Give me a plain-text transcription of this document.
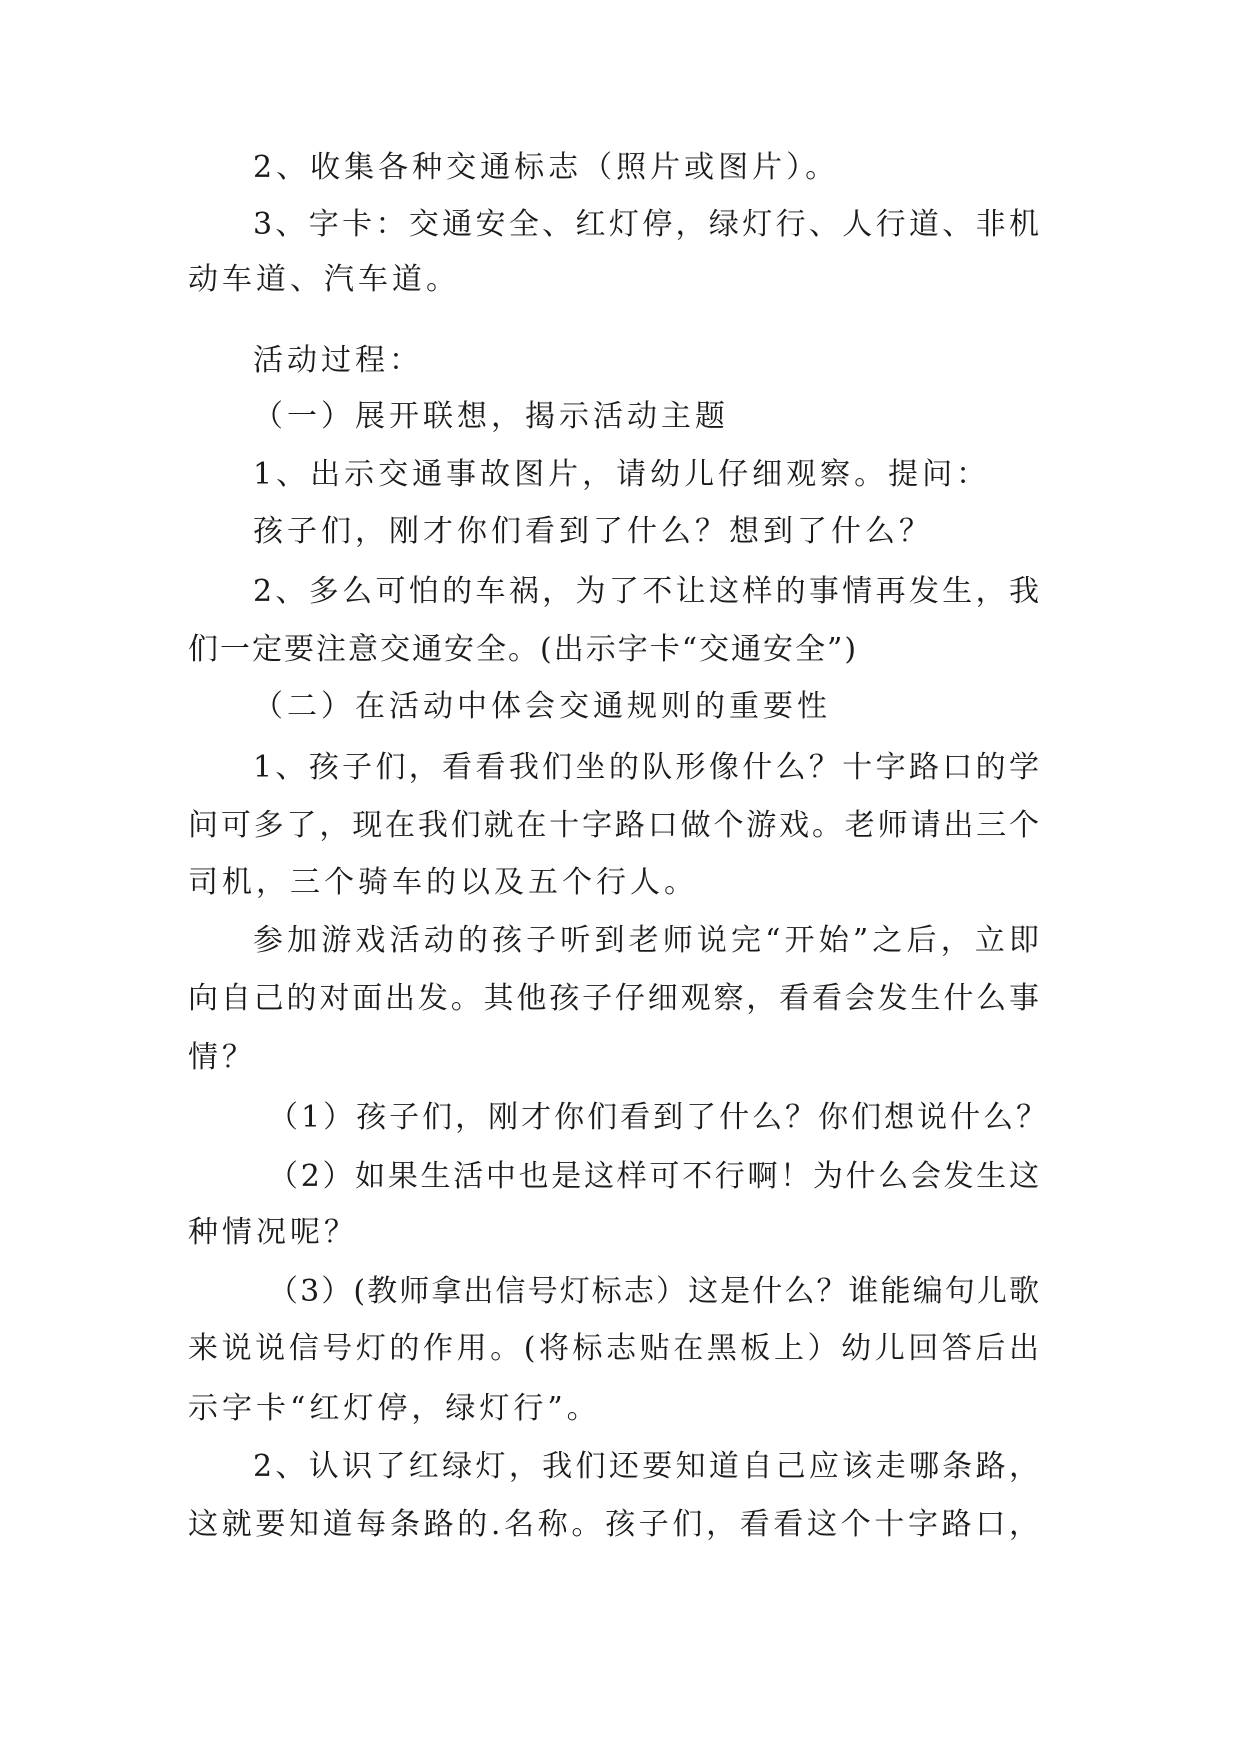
2、收集各种交通标志（照片或图片）。
3、字卡：交通安全、红灯停，绿灯行、人行道、非机
动车道、汽车道。
活动过程：
（一）展开联想，揭示活动主题
1、出示交通事故图片，请幼儿仔细观察。提问：
孩子们，刚才你们看到了什么？想到了什么？
2、多么可怕的车祸，为了不让这样的事情再发生，我
们一定要注意交通安全。(出示字卡“交通安全”)
（二）在活动中体会交通规则的重要性
1、孩子们，看看我们坐的队形像什么？十字路口的学
问可多了，现在我们就在十字路口做个游戏。老师请出三个
司机，三个骑车的以及五个行人。
参加游戏活动的孩子听到老师说完“开始”之后，立即
向自己的对面出发。其他孩子仔细观察，看看会发生什么事
情？
（1）孩子们，刚才你们看到了什么？你们想说什么？
（2）如果生活中也是这样可不行啊！为什么会发生这
种情况呢？
（3）(教师拿出信号灯标志）这是什么？谁能编句儿歌
来说说信号灯的作用。(将标志贴在黑板上）幼儿回答后出
示字卡“红灯停，绿灯行”。
2、认识了红绿灯，我们还要知道自己应该走哪条路，
这就要知道每条路的.名称。孩子们，看看这个十字路口，
